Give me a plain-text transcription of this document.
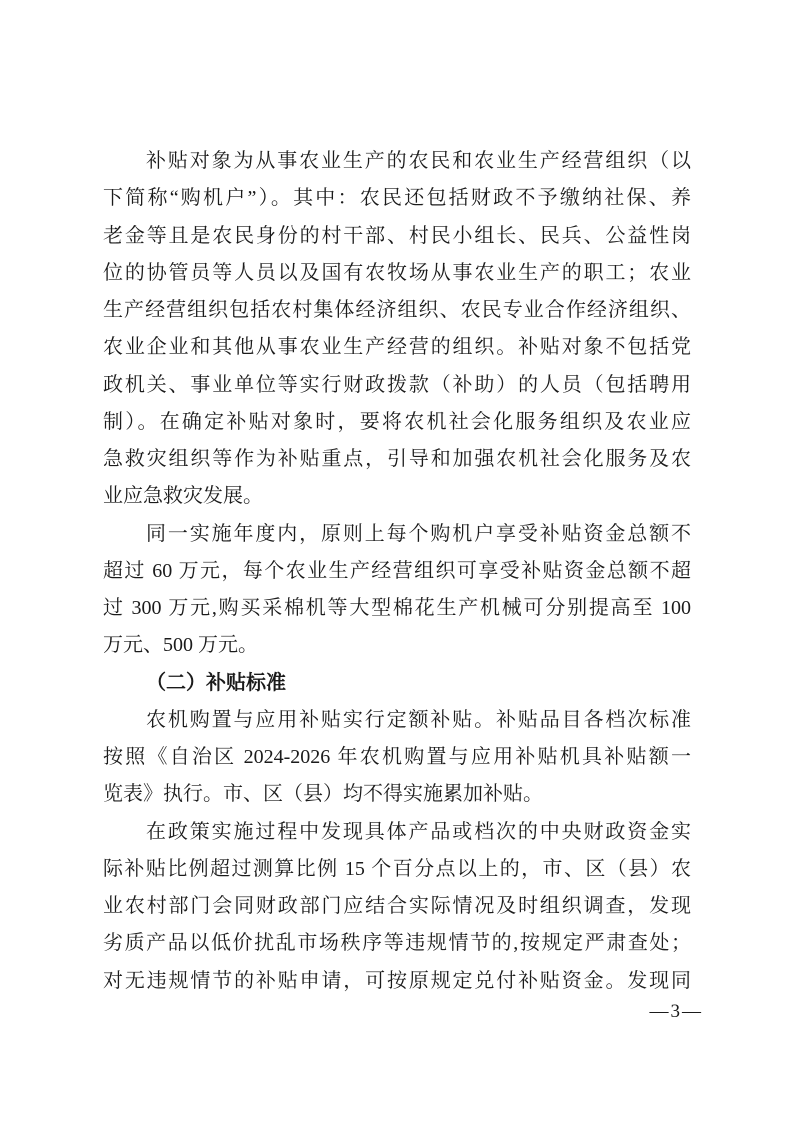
补贴对象为从事农业生产的农民和农业生产经营组织（以
下简称“购机户”）。其中：农民还包括财政不予缴纳社保、养
老金等且是农民身份的村干部、村民小组长、民兵、公益性岗
位的协管员等人员以及国有农牧场从事农业生产的职工；农业
生产经营组织包括农村集体经济组织、农民专业合作经济组织、
农业企业和其他从事农业生产经营的组织。补贴对象不包括党
政机关、事业单位等实行财政拨款（补助）的人员（包括聘用
制）。在确定补贴对象时，要将农机社会化服务组织及农业应
急救灾组织等作为补贴重点，引导和加强农机社会化服务及农
业应急救灾发展。
同一实施年度内，原则上每个购机户享受补贴资金总额不
超过 60 万元，每个农业生产经营组织可享受补贴资金总额不超
过 300 万元,购买采棉机等大型棉花生产机械可分别提高至 100
万元、500 万元。
（二）补贴标准
农机购置与应用补贴实行定额补贴。补贴品目各档次标准
按照《自治区 2024-2026 年农机购置与应用补贴机具补贴额一
览表》执行。市、区（县）均不得实施累加补贴。
在政策实施过程中发现具体产品或档次的中央财政资金实
际补贴比例超过测算比例 15 个百分点以上的，市、区（县）农
业农村部门会同财政部门应结合实际情况及时组织调查，发现
劣质产品以低价扰乱市场秩序等违规情节的,按规定严肃查处；
对无违规情节的补贴申请，可按原规定兑付补贴资金。发现同
—3—
